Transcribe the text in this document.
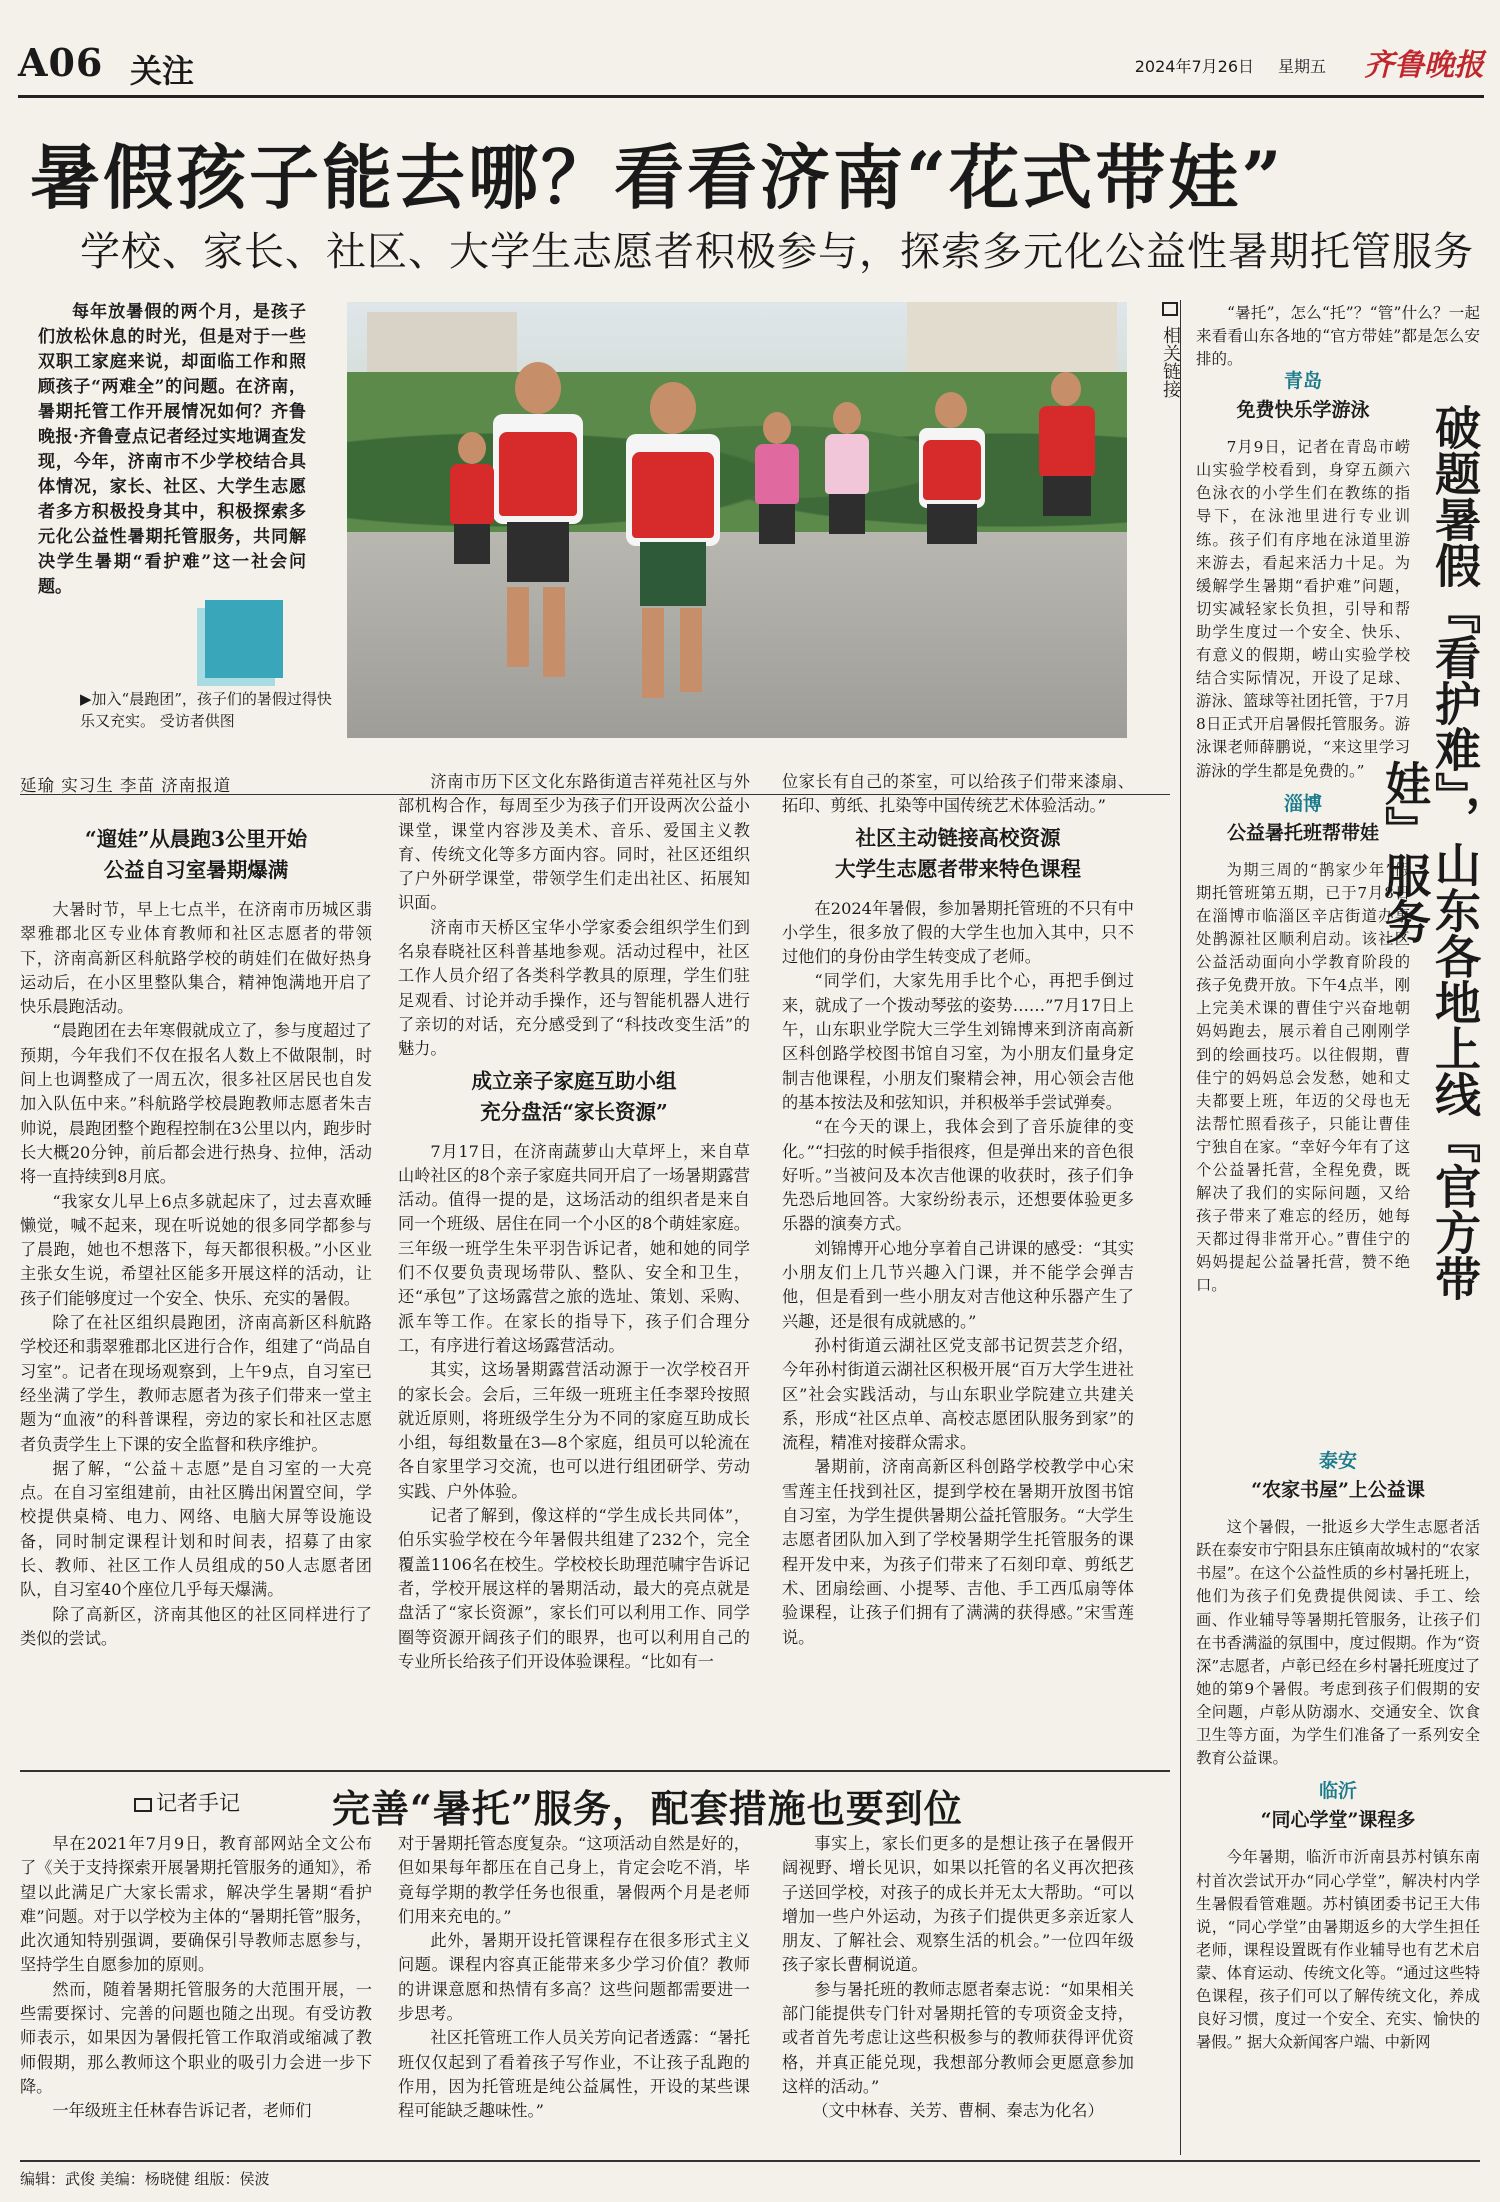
A06 关注	2024年7月26日 星期五 齐鲁晚报
暑假孩子能去哪？看看济南“花式带娃”
学校、家长、社区、大学生志愿者积极参与，探索多元化公益性暑期托管服务
每年放暑假的两个月，是孩子们放松休息的时光，但是对于一些双职工家庭来说，却面临工作和照顾孩子“两难全”的问题。在济南，暑期托管工作开展情况如何？齐鲁晚报·齐鲁壹点记者经过实地调查发现，今年，济南市不少学校结合具体情况，家长、社区、大学生志愿者多方积极投身其中，积极探索多元化公益性暑期托管服务，共同解决学生暑期“看护难”这一社会问题。
▶加入“晨跑团”，孩子们的暑假过得快乐又充实。 受访者供图
延瑜 实习生 李苗 济南报道
“遛娃”从晨跑3公里开始
公益自习室暑期爆满

大暑时节，早上七点半，在济南市历城区翡翠雅郡北区专业体育教师和社区志愿者的带领下，济南高新区科航路学校的萌娃们在做好热身运动后，在小区里整队集合，精神饱满地开启了快乐晨跑活动。

“晨跑团在去年寒假就成立了，参与度超过了预期，今年我们不仅在报名人数上不做限制，时间上也调整成了一周五次，很多社区居民也自发加入队伍中来。”科航路学校晨跑教师志愿者朱吉帅说，晨跑团整个跑程控制在3公里以内，跑步时长大概20分钟，前后都会进行热身、拉伸，活动将一直持续到8月底。

“我家女儿早上6点多就起床了，过去喜欢睡懒觉，喊不起来，现在听说她的很多同学都参与了晨跑，她也不想落下，每天都很积极。”小区业主张女生说，希望社区能多开展这样的活动，让孩子们能够度过一个安全、快乐、充实的暑假。

除了在社区组织晨跑团，济南高新区科航路学校还和翡翠雅郡北区进行合作，组建了“尚品自习室”。记者在现场观察到，上午9点，自习室已经坐满了学生，教师志愿者为孩子们带来一堂主题为“血液”的科普课程，旁边的家长和社区志愿者负责学生上下课的安全监督和秩序维护。

据了解，“公益＋志愿”是自习室的一大亮点。在自习室组建前，由社区腾出闲置空间，学校提供桌椅、电力、网络、电脑大屏等设施设备，同时制定课程计划和时间表，招募了由家长、教师、社区工作人员组成的50人志愿者团队，自习室40个座位几乎每天爆满。

除了高新区，济南其他区的社区同样进行了类似的尝试。

济南市历下区文化东路街道吉祥苑社区与外部机构合作，每周至少为孩子们开设两次公益小课堂，课堂内容涉及美术、音乐、爱国主义教育、传统文化等多方面内容。同时，社区还组织了户外研学课堂，带领学生们走出社区、拓展知识面。

济南市天桥区宝华小学家委会组织学生们到名泉春晓社区科普基地参观。活动过程中，社区工作人员介绍了各类科学教具的原理，学生们驻足观看、讨论并动手操作，还与智能机器人进行了亲切的对话，充分感受到了“科技改变生活”的魅力。

成立亲子家庭互助小组
充分盘活“家长资源”

7月17日，在济南蔬萝山大草坪上，来自草山岭社区的8个亲子家庭共同开启了一场暑期露营活动。值得一提的是，这场活动的组织者是来自同一个班级、居住在同一个小区的8个萌娃家庭。三年级一班学生朱平羽告诉记者，她和她的同学们不仅要负责现场带队、整队、安全和卫生，还“承包”了这场露营之旅的选址、策划、采购、派车等工作。在家长的指导下，孩子们合理分工，有序进行着这场露营活动。

其实，这场暑期露营活动源于一次学校召开的家长会。会后，三年级一班班主任李翠玲按照就近原则，将班级学生分为不同的家庭互助成长小组，每组数量在3—8个家庭，组员可以轮流在各自家里学习交流，也可以进行组团研学、劳动实践、户外体验。

记者了解到，像这样的“学生成长共同体”，伯乐实验学校在今年暑假共组建了232个，完全覆盖1106名在校生。学校校长助理范啸宇告诉记者，学校开展这样的暑期活动，最大的亮点就是盘活了“家长资源”，家长们可以利用工作、同学圈等资源开阔孩子们的眼界，也可以利用自己的专业所长给孩子们开设体验课程。“比如有一

位家长有自己的茶室，可以给孩子们带来漆扇、拓印、剪纸、扎染等中国传统艺术体验活动。”

社区主动链接高校资源
大学生志愿者带来特色课程

在2024年暑假，参加暑期托管班的不只有中小学生，很多放了假的大学生也加入其中，只不过他们的身份由学生转变成了老师。

“同学们，大家先用手比个心，再把手倒过来，就成了一个拨动琴弦的姿势……”7月17日上午，山东职业学院大三学生刘锦博来到济南高新区科创路学校图书馆自习室，为小朋友们量身定制吉他课程，小朋友们聚精会神，用心领会吉他的基本按法及和弦知识，并积极举手尝试弹奏。

“在今天的课上，我体会到了音乐旋律的变化。”“扫弦的时候手指很疼，但是弹出来的音色很好听。”当被问及本次吉他课的收获时，孩子们争先恐后地回答。大家纷纷表示，还想要体验更多乐器的演奏方式。

刘锦博开心地分享着自己讲课的感受：“其实小朋友们上几节兴趣入门课，并不能学会弹吉他，但是看到一些小朋友对吉他这种乐器产生了兴趣，还是很有成就感的。”

孙村街道云湖社区党支部书记贺芸芝介绍，今年孙村街道云湖社区积极开展“百万大学生进社区”社会实践活动，与山东职业学院建立共建关系，形成“社区点单、高校志愿团队服务到家”的流程，精准对接群众需求。

暑期前，济南高新区科创路学校教学中心宋雪莲主任找到社区，提到学校在暑期开放图书馆自习室，为学生提供暑期公益托管服务。“大学生志愿者团队加入到了学校暑期学生托管服务的课程开发中来，为孩子们带来了石刻印章、剪纸艺术、团扇绘画、小提琴、吉他、手工西瓜扇等体验课程，让孩子们拥有了满满的获得感。”宋雪莲说。

相关链接
“暑托”，怎么“托”？“管”什么？一起来看看山东各地的“官方带娃”都是怎么安排的。
破题暑假『看护难』，山东各地上线『官方带娃』服务
青岛
免费快乐学游泳

7月9日，记者在青岛市崂山实验学校看到，身穿五颜六色泳衣的小学生们在教练的指导下，在泳池里进行专业训练。孩子们有序地在泳道里游来游去，看起来活力十足。为缓解学生暑期“看护难”问题，切实减轻家长负担，引导和帮助学生度过一个安全、快乐、有意义的假期，崂山实验学校结合实际情况，开设了足球、游泳、篮球等社团托管，于7月8日正式开启暑假托管服务。游泳课老师薛鹏说，“来这里学习游泳的学生都是免费的。”

淄博
公益暑托班帮带娃

为期三周的“鹊家少年”假期托管班第五期，已于7月8日在淄博市临淄区辛店街道办事处鹊源社区顺利启动。该社区公益活动面向小学教育阶段的孩子免费开放。下午4点半，刚上完美术课的曹佳宁兴奋地朝妈妈跑去，展示着自己刚刚学到的绘画技巧。以往假期，曹佳宁的妈妈总会发愁，她和丈夫都要上班，年迈的父母也无法帮忙照看孩子，只能让曹佳宁独自在家。“幸好今年有了这个公益暑托营，全程免费，既解决了我们的实际问题，又给孩子带来了难忘的经历，她每天都过得非常开心。”曹佳宁的妈妈提起公益暑托营，赞不绝口。

泰安
“农家书屋”上公益课

这个暑假，一批返乡大学生志愿者活跃在泰安市宁阳县东庄镇南故城村的“农家书屋”。在这个公益性质的乡村暑托班上，他们为孩子们免费提供阅读、手工、绘画、作业辅导等暑期托管服务，让孩子们在书香满溢的氛围中，度过假期。作为“资深”志愿者，卢彰已经在乡村暑托班度过了她的第9个暑假。考虑到孩子们假期的安全问题，卢彰从防溺水、交通安全、饮食卫生等方面，为学生们准备了一系列安全教育公益课。

临沂
“同心学堂”课程多

今年暑期，临沂市沂南县苏村镇东南村首次尝试开办“同心学堂”，解决村内学生暑假看管难题。苏村镇团委书记王大伟说，“同心学堂”由暑期返乡的大学生担任老师，课程设置既有作业辅导也有艺术启蒙、体育运动、传统文化等。“通过这些特色课程，孩子们可以了解传统文化，养成良好习惯，度过一个安全、充实、愉快的暑假。” 据大众新闻客户端、中新网

记者手记 完善“暑托”服务，配套措施也要到位

早在2021年7月9日，教育部网站全文公布了《关于支持探索开展暑期托管服务的通知》，希望以此满足广大家长需求，解决学生暑期“看护难”问题。对于以学校为主体的“暑期托管”服务，此次通知特别强调，要确保引导教师志愿参与，坚持学生自愿参加的原则。

然而，随着暑期托管服务的大范围开展，一些需要探讨、完善的问题也随之出现。有受访教师表示，如果因为暑假托管工作取消或缩减了教师假期，那么教师这个职业的吸引力会进一步下降。

一年级班主任林春告诉记者，老师们

对于暑期托管态度复杂。“这项活动自然是好的，但如果每年都压在自己身上，肯定会吃不消，毕竟每学期的教学任务也很重，暑假两个月是老师们用来充电的。”

此外，暑期开设托管课程存在很多形式主义问题。课程内容真正能带来多少学习价值？教师的讲课意愿和热情有多高？这些问题都需要进一步思考。

社区托管班工作人员关芳向记者透露：“暑托班仅仅起到了看着孩子写作业，不让孩子乱跑的作用，因为托管班是纯公益属性，开设的某些课程可能缺乏趣味性。”

事实上，家长们更多的是想让孩子在暑假开阔视野、增长见识，如果以托管的名义再次把孩子送回学校，对孩子的成长并无太大帮助。“可以增加一些户外运动，为孩子们提供更多亲近家人朋友、了解社会、观察生活的机会。”一位四年级孩子家长曹桐说道。

参与暑托班的教师志愿者秦志说：“如果相关部门能提供专门针对暑期托管的专项资金支持，或者首先考虑让这些积极参与的教师获得评优资格，并真正能兑现，我想部分教师会更愿意参加这样的活动。”

（文中林春、关芳、曹桐、秦志为化名）

编辑：武俊 美编：杨晓健 组版：侯波
